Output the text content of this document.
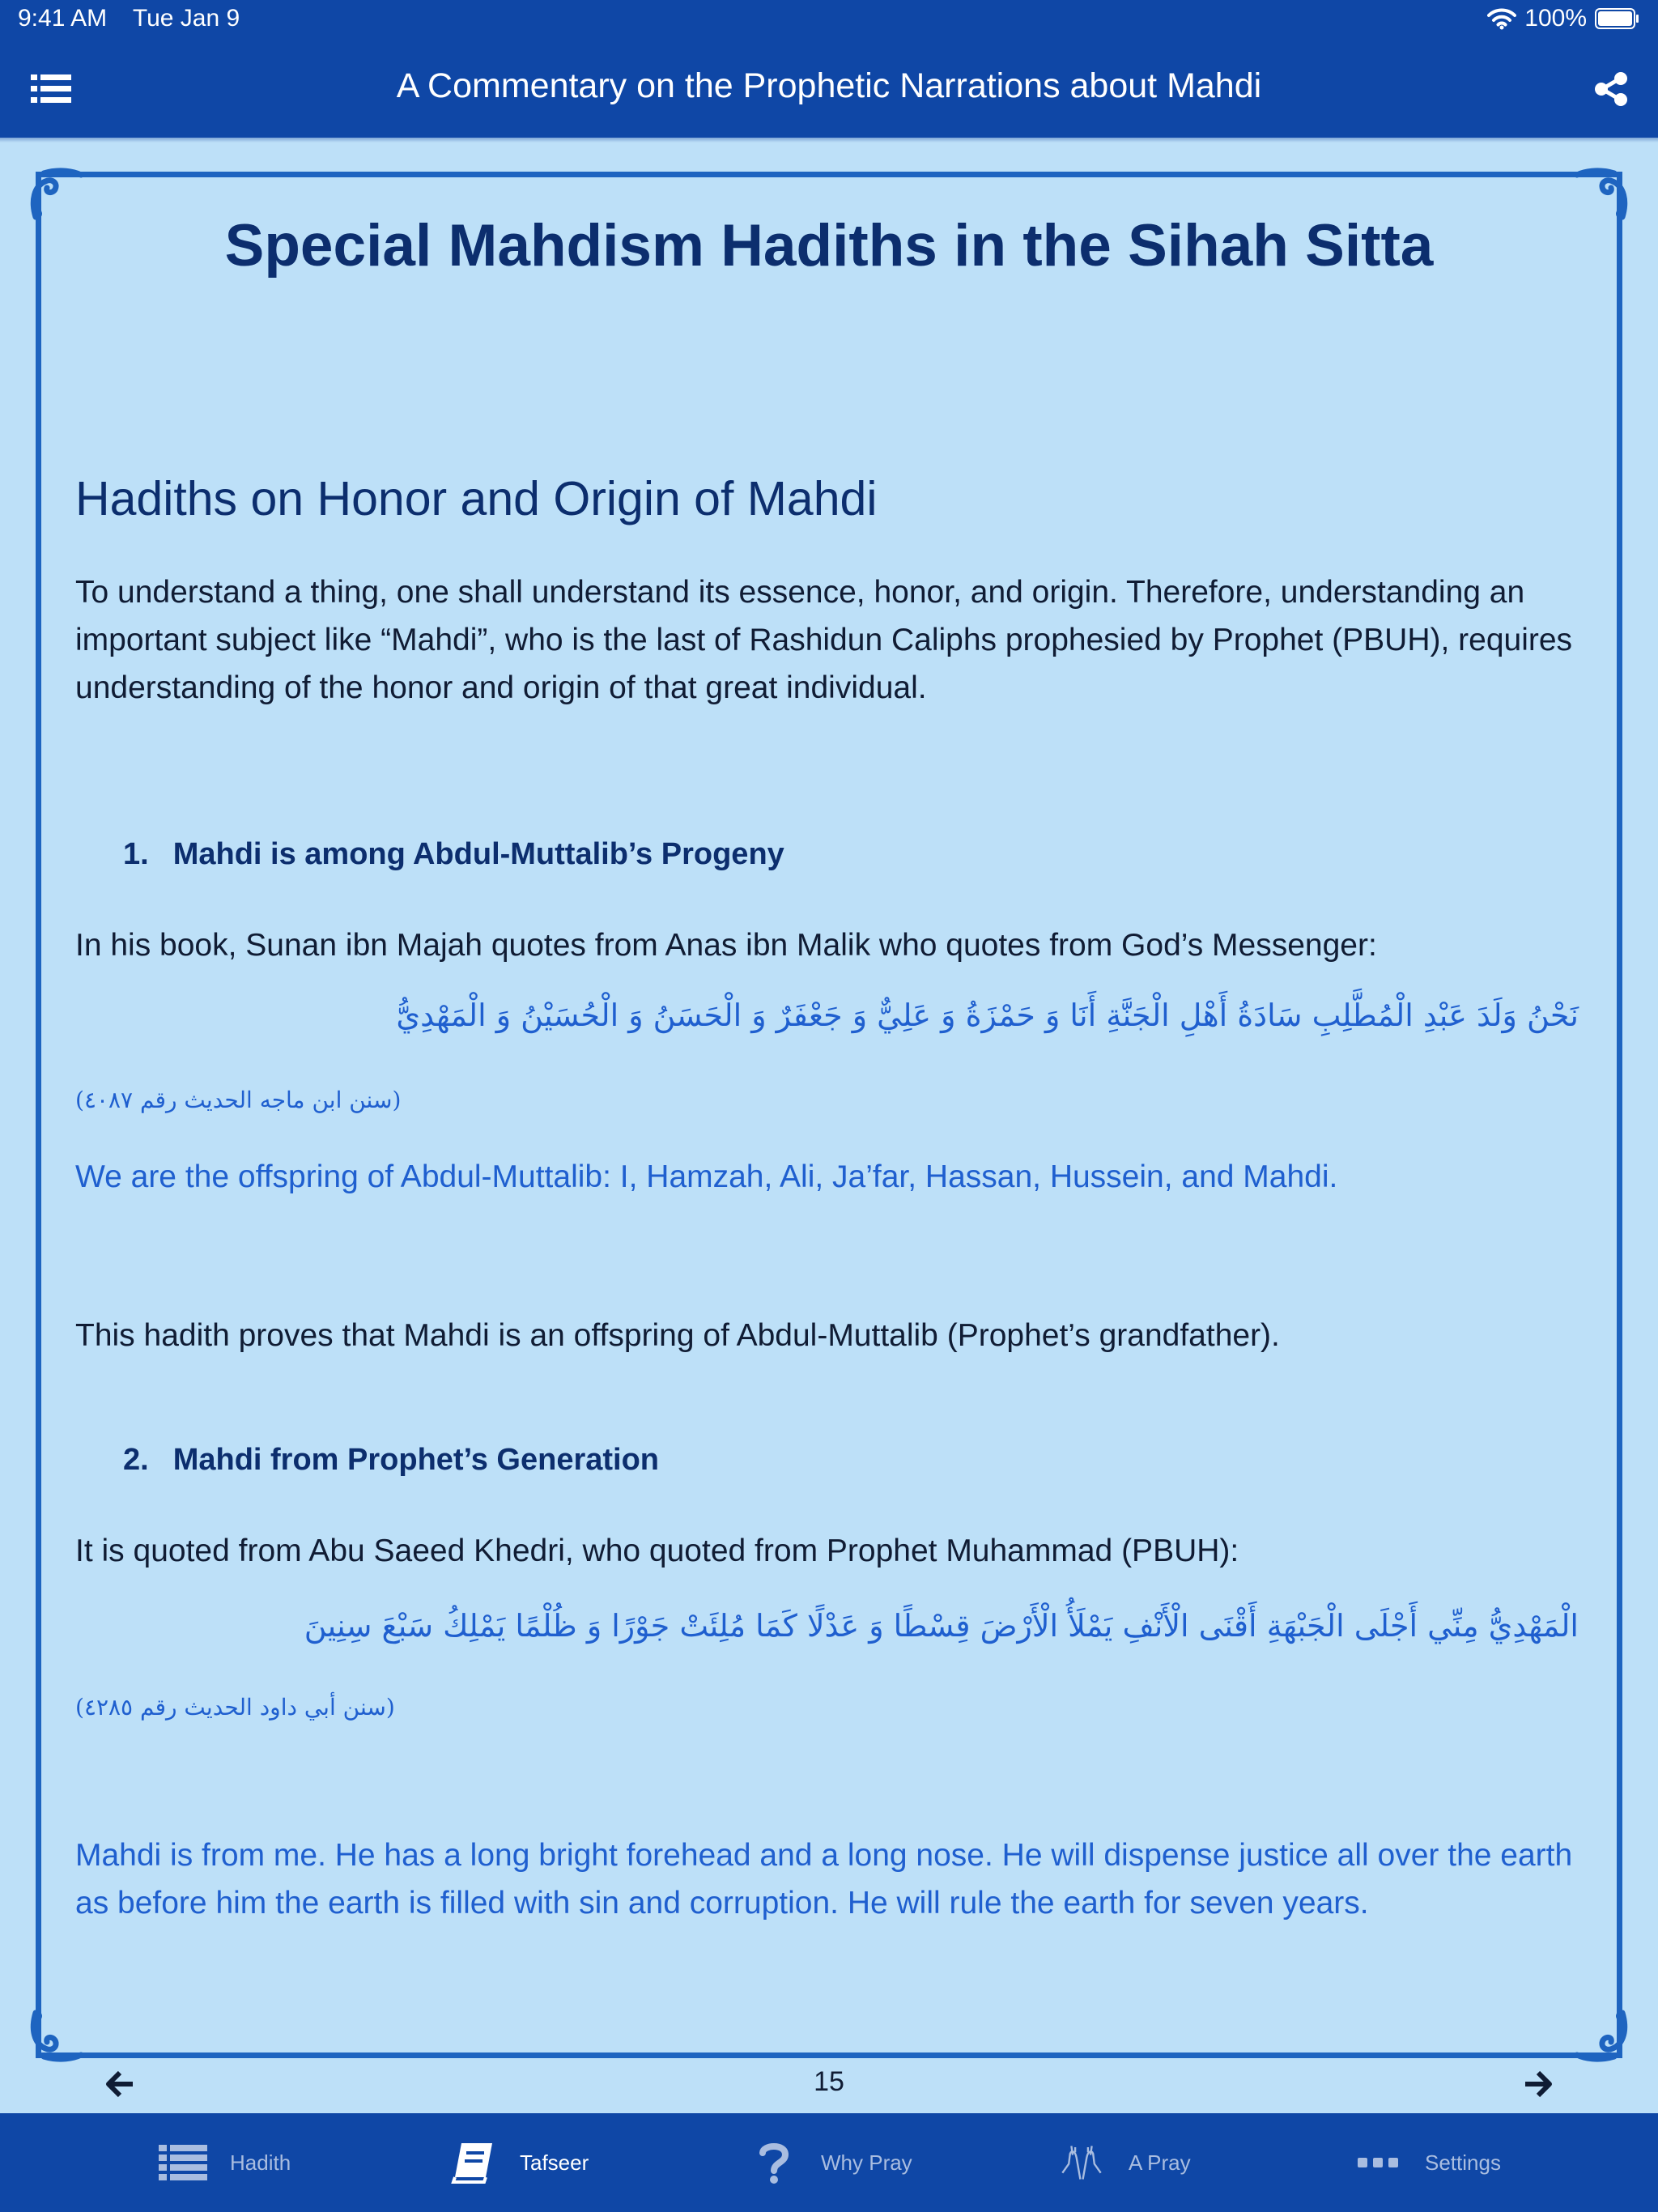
9:41 AM Tue Jan 9	100%
A Commentary on the Prophetic Narrations about Mahdi
Special Mahdism Hadiths in the Sihah Sitta
Hadiths on Honor and Origin of Mahdi
To understand a thing, one shall understand its essence, honor, and origin. Therefore, understanding an important subject like “Mahdi”, who is the last of Rashidun Caliphs prophesied by Prophet (PBUH), requires understanding of the honor and origin of that great individual.
1. Mahdi is among Abdul-Muttalib’s Progeny
In his book, Sunan ibn Majah quotes from Anas ibn Malik who quotes from God’s Messenger:
نَحْنُ وَلَدَ عَبْدِ الْمُطَّلِبِ سَادَةُ أَهْلِ الْجَنَّةِ أَنَا وَ حَمْزَةُ وَ عَلِيٌّ وَ جَعْفَرٌ وَ الْحَسَنُ وَ الْحُسَيْنُ وَ الْمَهْدِيُّ
(سنن ابن ماجه الحديث رقم ٤٠٨٧)
We are the offspring of Abdul-Muttalib: I, Hamzah, Ali, Ja’far, Hassan, Hussein, and Mahdi.
This hadith proves that Mahdi is an offspring of Abdul-Muttalib (Prophet’s grandfather).
2. Mahdi from Prophet’s Generation
It is quoted from Abu Saeed Khedri, who quoted from Prophet Muhammad (PBUH):
الْمَهْدِيُّ مِنِّي أَجْلَى الْجَبْهَةِ أَقْنَى الْأَنْفِ يَمْلَأُ الْأَرْضَ قِسْطًا وَ عَدْلًا كَمَا مُلِئَتْ جَوْرًا وَ ظُلْمًا يَمْلِكُ سَبْعَ سِنِينَ
(سنن أبي داود الحديث رقم ٤٢٨٥)
Mahdi is from me. He has a long bright forehead and a long nose. He will dispense justice all over the earth as before him the earth is filled with sin and corruption. He will rule the earth for seven years.
15
Hadith	Tafseer	Why Pray	A Pray	Settings
